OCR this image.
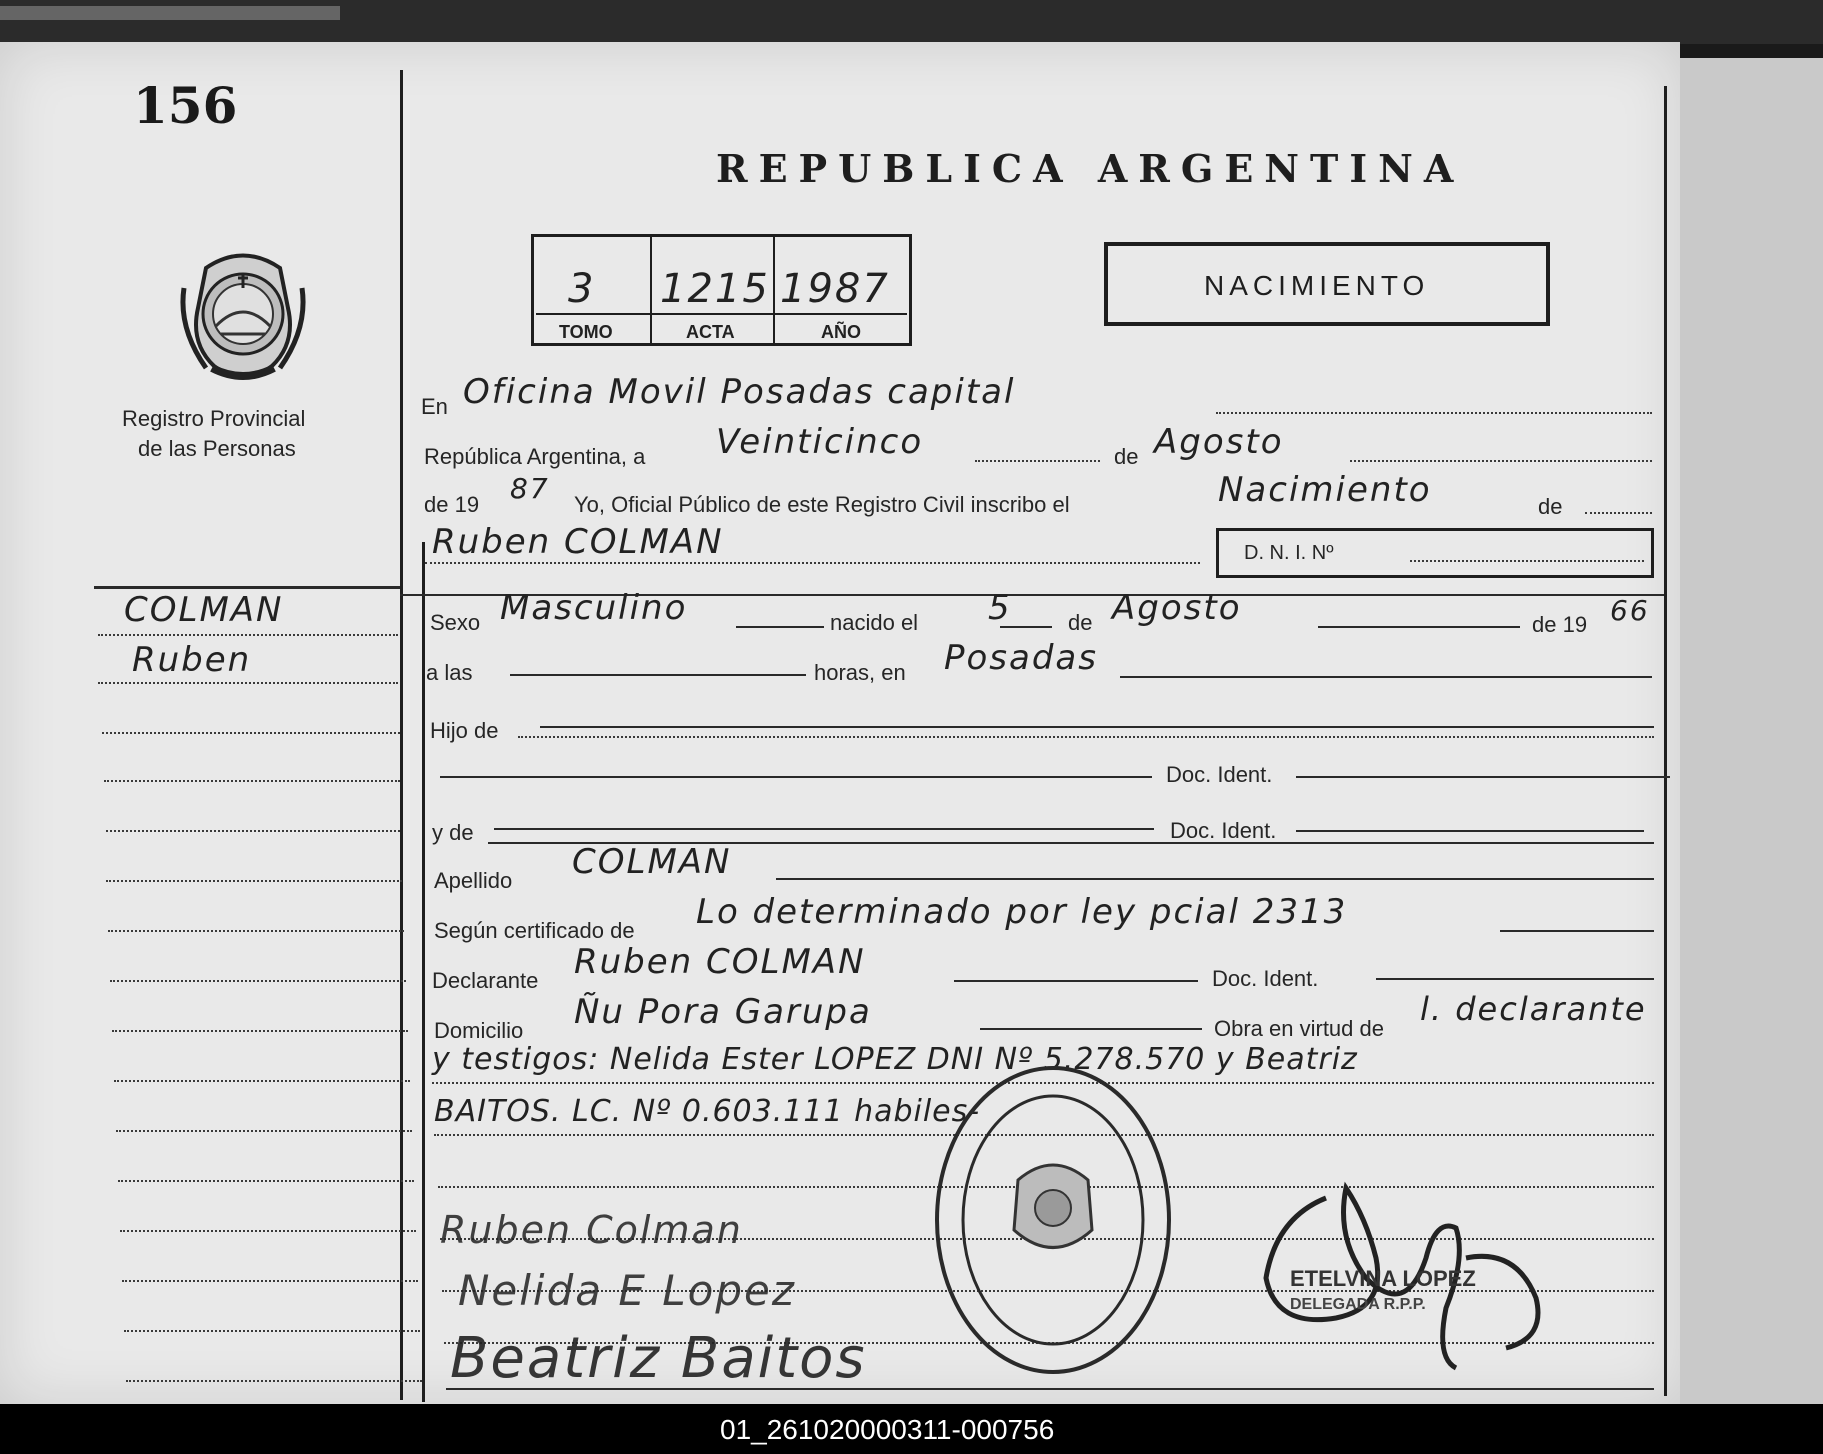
156
Registro Provincial
de las Personas
REPUBLICA ARGENTINA
3
TOMO
1215
ACTA
1987
AÑO
NACIMIENTO
En Oficina Movil Posadas capital
República Argentina, a Veinticinco	de Agosto
de 19 87 Yo, Oficial Público de este Registro Civil inscribo el	Nacimiento	de
Ruben COLMAN	D. N. I. Nº
COLMAN
Ruben
Sexo Masculino	nacido el 5	de Agosto	de 19 66
a las	horas, en Posadas
Hijo de
Doc. Ident.
y de	Doc. Ident.
Apellido COLMAN
Según certificado de Lo determinado por ley pcial 2313
Declarante Ruben COLMAN	Doc. Ident.
Domicilio Ñu Pora Garupa	Obra en virtud de
l. declarante
y testigos: Nelida Ester LOPEZ DNI Nº 5.278.570 y Beatriz
BAITOS. LC. Nº 0.603.111 habiles-
Ruben Colman
Nelida E Lopez
Beatriz Baitos
ETELVINA LOPEZ
DELEGADA R.P.P.
01_261020000311-000756
